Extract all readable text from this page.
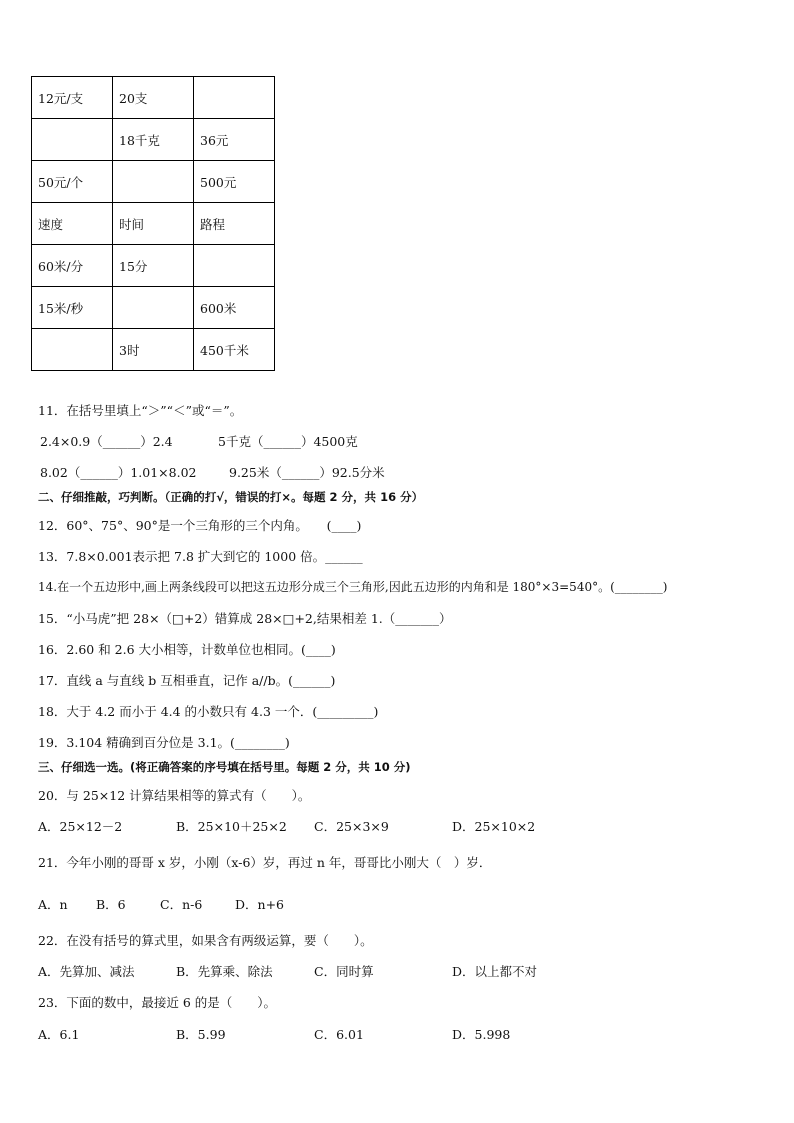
12元/支	20支	
	18千克	36元
50元/个		500元
速度	时间	路程
60米/分	15分	
15米/秒		600米
	3时	450千米
11．在括号里填上“＞”“＜”或“＝”。
2.4×0.9（______）2.4	5千克（______）4500克
8.02（______）1.01×8.02	9.25米（______）92.5分米
二、仔细推敲，巧判断。（正确的打√，错误的打×。每题 2 分，共 16 分）
12．60°、75°、90°是一个三角形的三个内角。　　(____)
13．7.8×0.001表示把 7.8 扩大到它的 1000 倍。______
14.在一个五边形中,画上两条线段可以把这五边形分成三个三角形,因此五边形的内角和是 180°×3=540°。(________)
15．“小马虎”把 28×（□+2）错算成 28×□+2,结果相差 1.（_______）
16．2.60 和 2.6 大小相等，计数单位也相同。(____)
17．直线 a 与直线 b 互相垂直，记作 a//b。(______)
18．大于 4.2 而小于 4.4 的小数只有 4.3 一个．(_________)
19．3.104 精确到百分位是 3.1。(________)
三、仔细选一选。(将正确答案的序号填在括号里。每题 2 分，共 10 分)
20．与 25×12 计算结果相等的算式有（　　）。
A．25×12－2	B．25×10＋25×2 C．25×3×9	D．25×10×2
21．今年小刚的哥哥 x 岁，小刚（x-6）岁，再过 n 年，哥哥比小刚大（　）岁．
A．n B．6	C．n-6	D．n+6
22．在没有括号的算式里，如果含有两级运算，要（　　）。
A．先算加、减法	B．先算乘、除法	C．同时算	D．以上都不对
23．下面的数中，最接近 6 的是（　　）。
A．6.1	B．5.99	C．6.01	D．5.998
